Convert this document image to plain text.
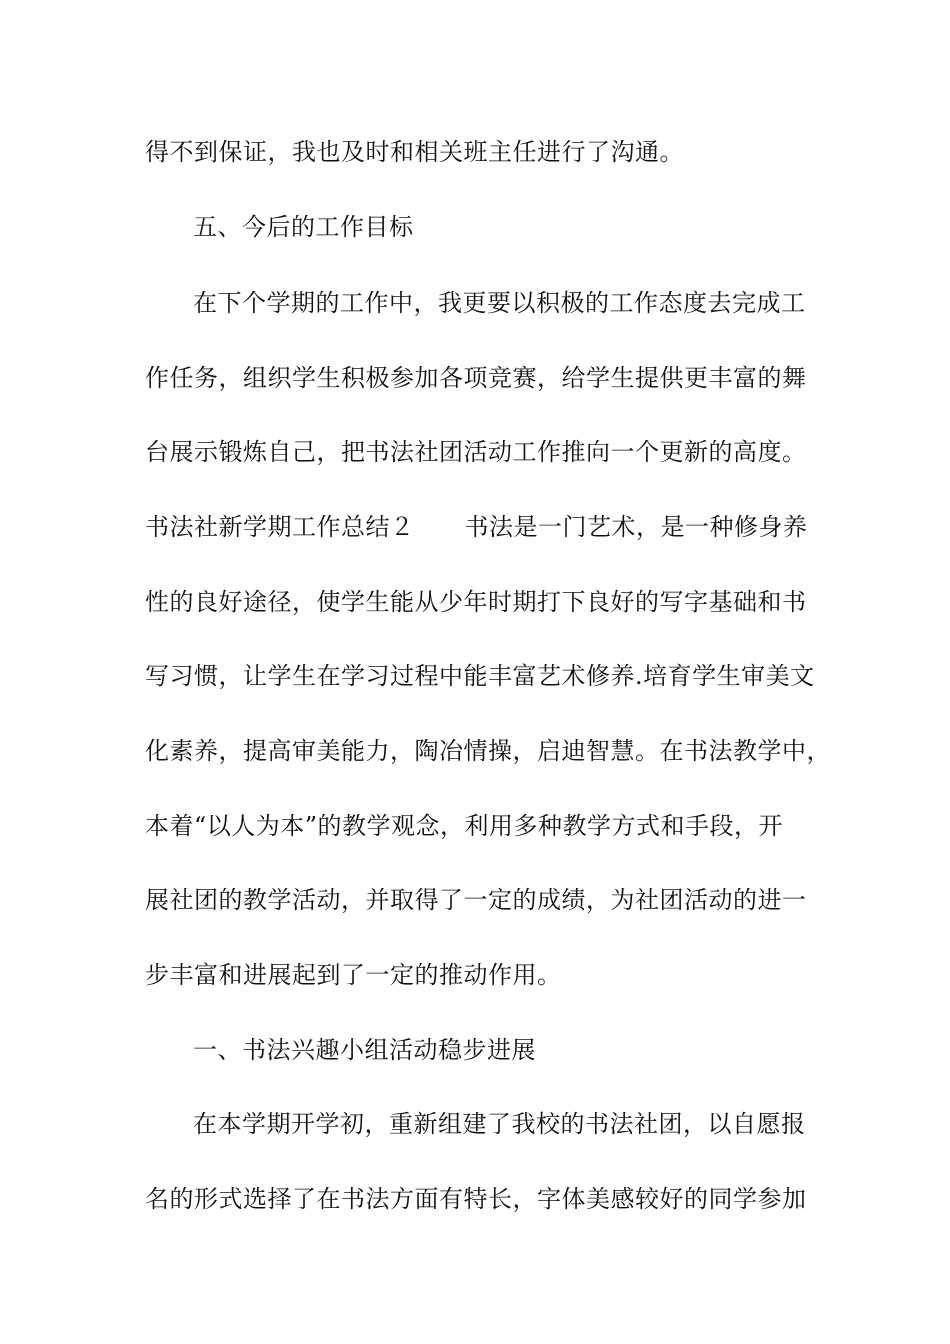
得不到保证，我也及时和相关班主任进行了沟通。
五、今后的工作目标
在下个学期的工作中，我更要以积极的工作态度去完成工
作任务，组织学生积极参加各项竞赛，给学生提供更丰富的舞
台展示锻炼自己，把书法社团活动工作推向一个更新的高度。
书法社新学期工作总结２ 书法是一门艺术，是一种修身养
性的良好途径，使学生能从少年时期打下良好的写字基础和书
写习惯，让学生在学习过程中能丰富艺术修养.培育学生审美文
化素养，提高审美能力，陶冶情操，启迪智慧。在书法教学中，
本着“以人为本”的教学观念，利用多种教学方式和手段，开
展社团的教学活动，并取得了一定的成绩，为社团活动的进一
步丰富和进展起到了一定的推动作用。
一、书法兴趣小组活动稳步进展
在本学期开学初，重新组建了我校的书法社团，以自愿报
名的形式选择了在书法方面有特长，字体美感较好的同学参加
